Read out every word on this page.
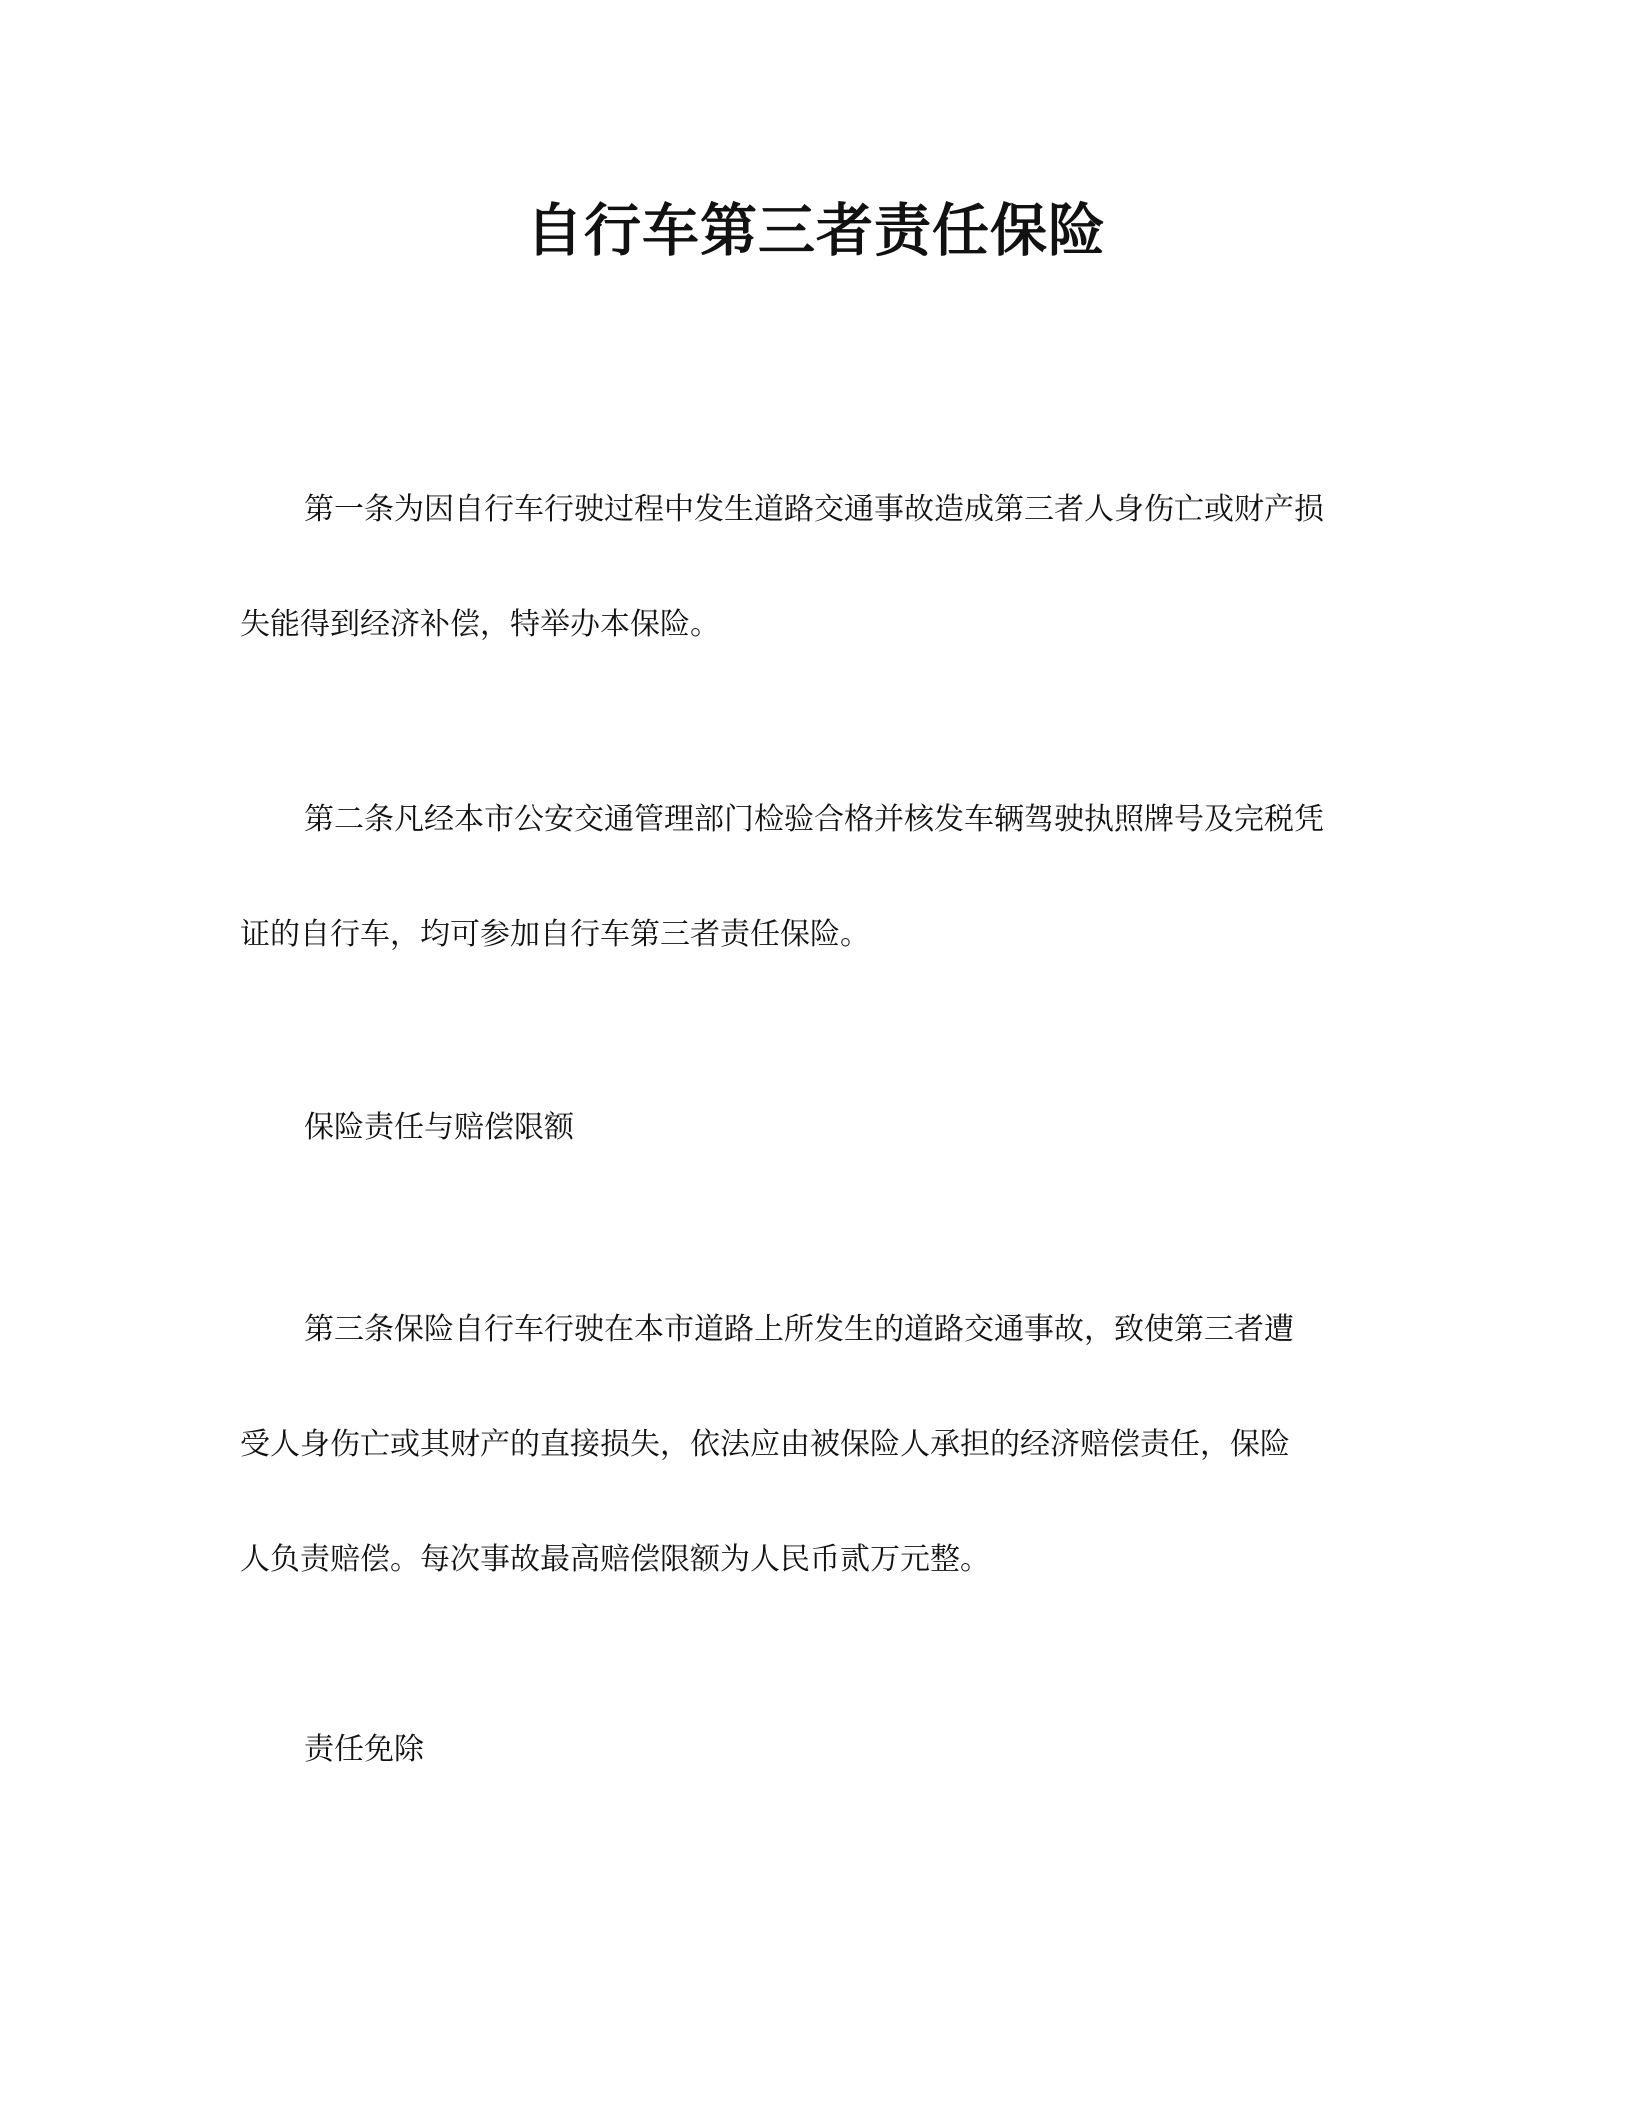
自行车第三者责任保险
第一条为因自行车行驶过程中发生道路交通事故造成第三者人身伤亡或财产损
失能得到经济补偿，特举办本保险。
第二条凡经本市公安交通管理部门检验合格并核发车辆驾驶执照牌号及完税凭
证的自行车，均可参加自行车第三者责任保险。
保险责任与赔偿限额
第三条保险自行车行驶在本市道路上所发生的道路交通事故，致使第三者遭
受人身伤亡或其财产的直接损失，依法应由被保险人承担的经济赔偿责任，保险
人负责赔偿。每次事故最高赔偿限额为人民币贰万元整。
责任免除
